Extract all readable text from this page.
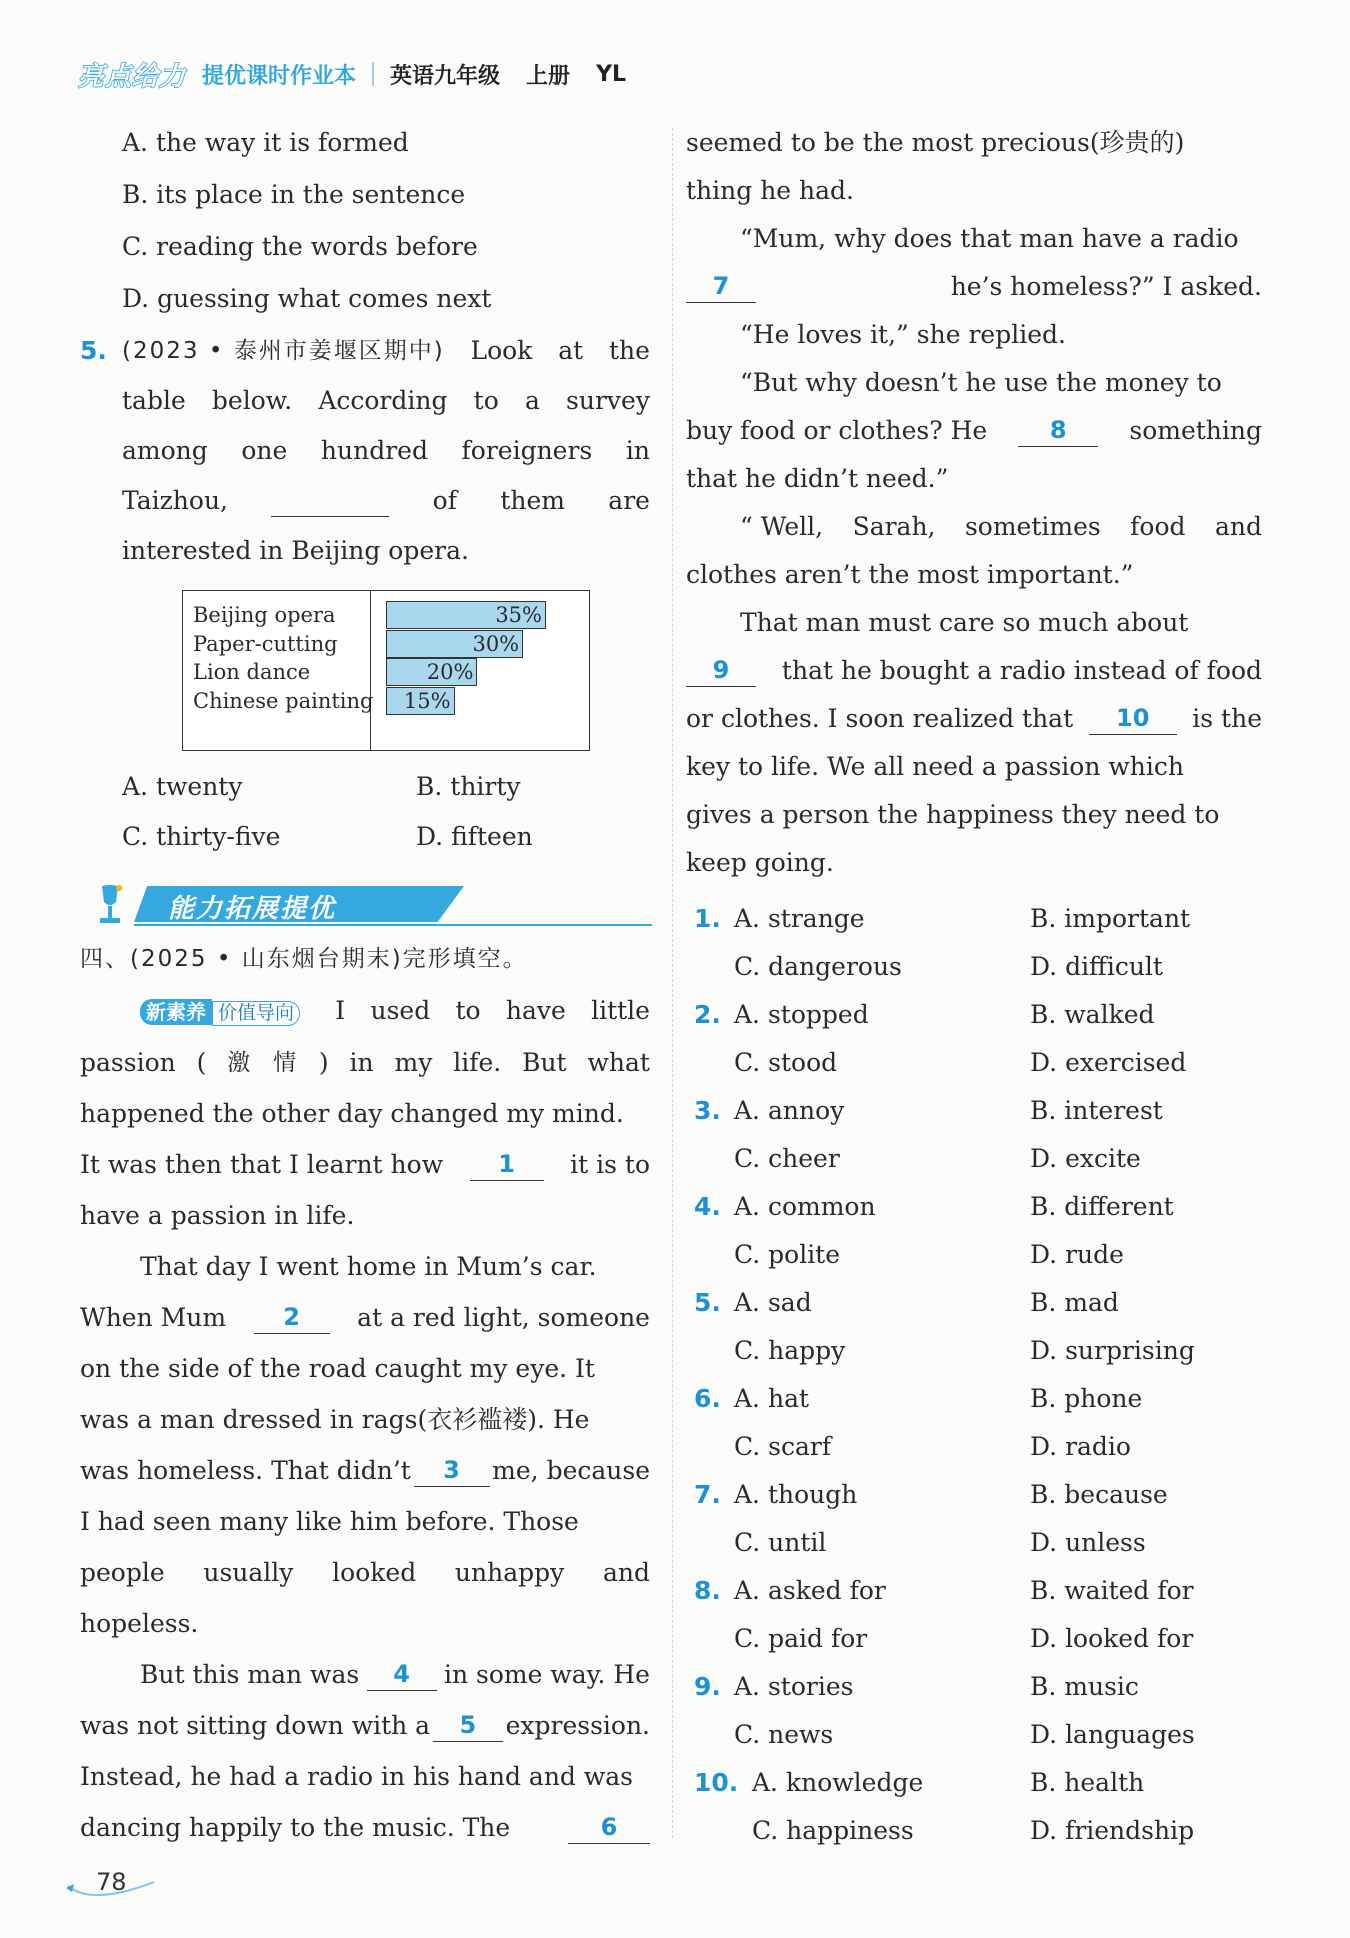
亮点给力 提优课时作业本 英语九年级 上册 YL
A. the way it is formed
B. its place in the sentence
C. reading the words before
D. guessing what comes next
5. (2023 • 泰州市姜堰区期中) Look at the
table below. According to a survey
among one hundred foreigners in
Taizhou,	of them are
interested in Beijing opera.
Beijing opera	35%
Paper-cutting	30%
Lion dance	20%
Chinese painting	15%
A. twenty	B. thirty
C. thirty-five	D. fifteen
能力拓展提优
四、(2025 • 山东烟台期末)完形填空。
新素养 价值导向	I used to have little
passion ( 激 情 ) in my life. But what
happened the other day changed my mind.
It was then that I learnt how	1	it is to
have a passion in life.
That day I went home in Mum’s car.
When Mum	2	at a red light, someone
on the side of the road caught my eye. It
was a man dressed in rags(衣衫褴褛). He
was homeless. That didn’t	3	me, because
I had seen many like him before. Those
people usually looked unhappy and
hopeless.
But this man was	4	in some way. He
was not sitting down with a	5	expression.
Instead, he had a radio in his hand and was
dancing happily to the music. The	6
seemed to be the most precious(珍贵的)
thing he had.
“Mum, why does that man have a radio
7	he’s homeless?” I asked.
“He loves it,” she replied.
“But why doesn’t he use the money to
buy food or clothes? He	8	something
that he didn’t need.”
“ Well, Sarah, sometimes food and
clothes aren’t the most important.”
That man must care so much about
9	that he bought a radio instead of food
or clothes. I soon realized that	10	is the
key to life. We all need a passion which
gives a person the happiness they need to
keep going.
1. A. strange	B. important
C. dangerous	D. difficult
2. A. stopped	B. walked
C. stood	D. exercised
3. A. annoy	B. interest
C. cheer	D. excite
4. A. common	B. different
C. polite	D. rude
5. A. sad	B. mad
C. happy	D. surprising
6. A. hat	B. phone
C. scarf	D. radio
7. A. though	B. because
C. until	D. unless
8. A. asked for	B. waited for
C. paid for	D. looked for
9. A. stories	B. music
C. news	D. languages
10. A. knowledge	B. health
C. happiness	D. friendship
78
